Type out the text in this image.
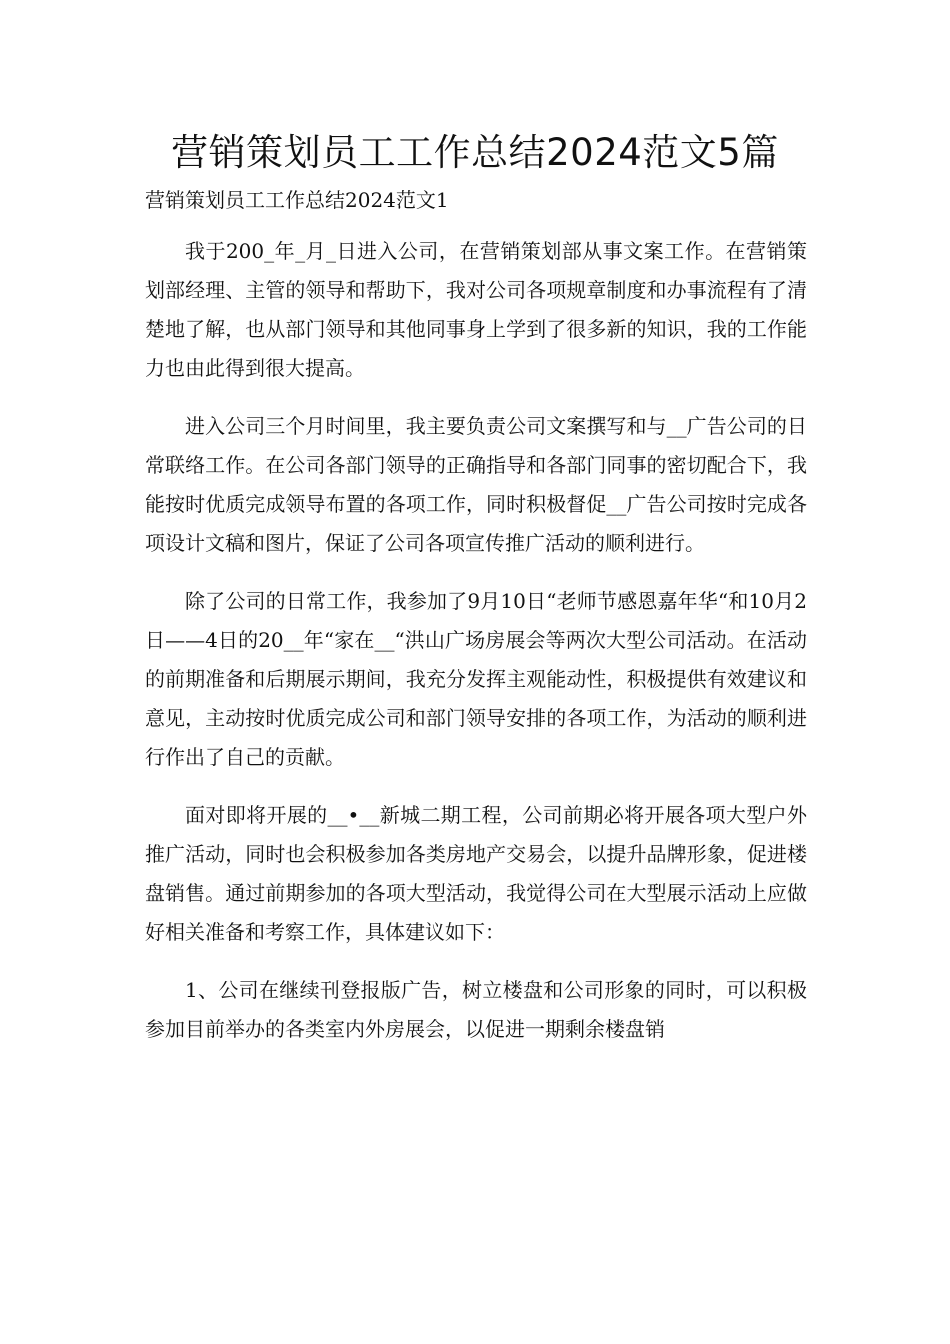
营销策划员工工作总结2024范文5篇

营销策划员工工作总结2024范文1

我于200_年_月_日进入公司，在营销策划部从事文案工作。在营销策划部经理、主管的领导和帮助下，我对公司各项规章制度和办事流程有了清楚地了解，也从部门领导和其他同事身上学到了很多新的知识，我的工作能力也由此得到很大提高。

进入公司三个月时间里，我主要负责公司文案撰写和与__广告公司的日常联络工作。在公司各部门领导的正确指导和各部门同事的密切配合下，我能按时优质完成领导布置的各项工作，同时积极督促__广告公司按时完成各项设计文稿和图片，保证了公司各项宣传推广活动的顺利进行。

除了公司的日常工作，我参加了9月10日“老师节感恩嘉年华“和10月2日——4日的20__年“家在__“洪山广场房展会等两次大型公司活动。在活动的前期准备和后期展示期间，我充分发挥主观能动性，积极提供有效建议和意见，主动按时优质完成公司和部门领导安排的各项工作，为活动的顺利进行作出了自己的贡献。

面对即将开展的__•__新城二期工程，公司前期必将开展各项大型户外推广活动，同时也会积极参加各类房地产交易会，以提升品牌形象，促进楼盘销售。通过前期参加的各项大型活动，我觉得公司在大型展示活动上应做好相关准备和考察工作，具体建议如下：

1、公司在继续刊登报版广告，树立楼盘和公司形象的同时，可以积极参加目前举办的各类室内外房展会，以促进一期剩余楼盘销
